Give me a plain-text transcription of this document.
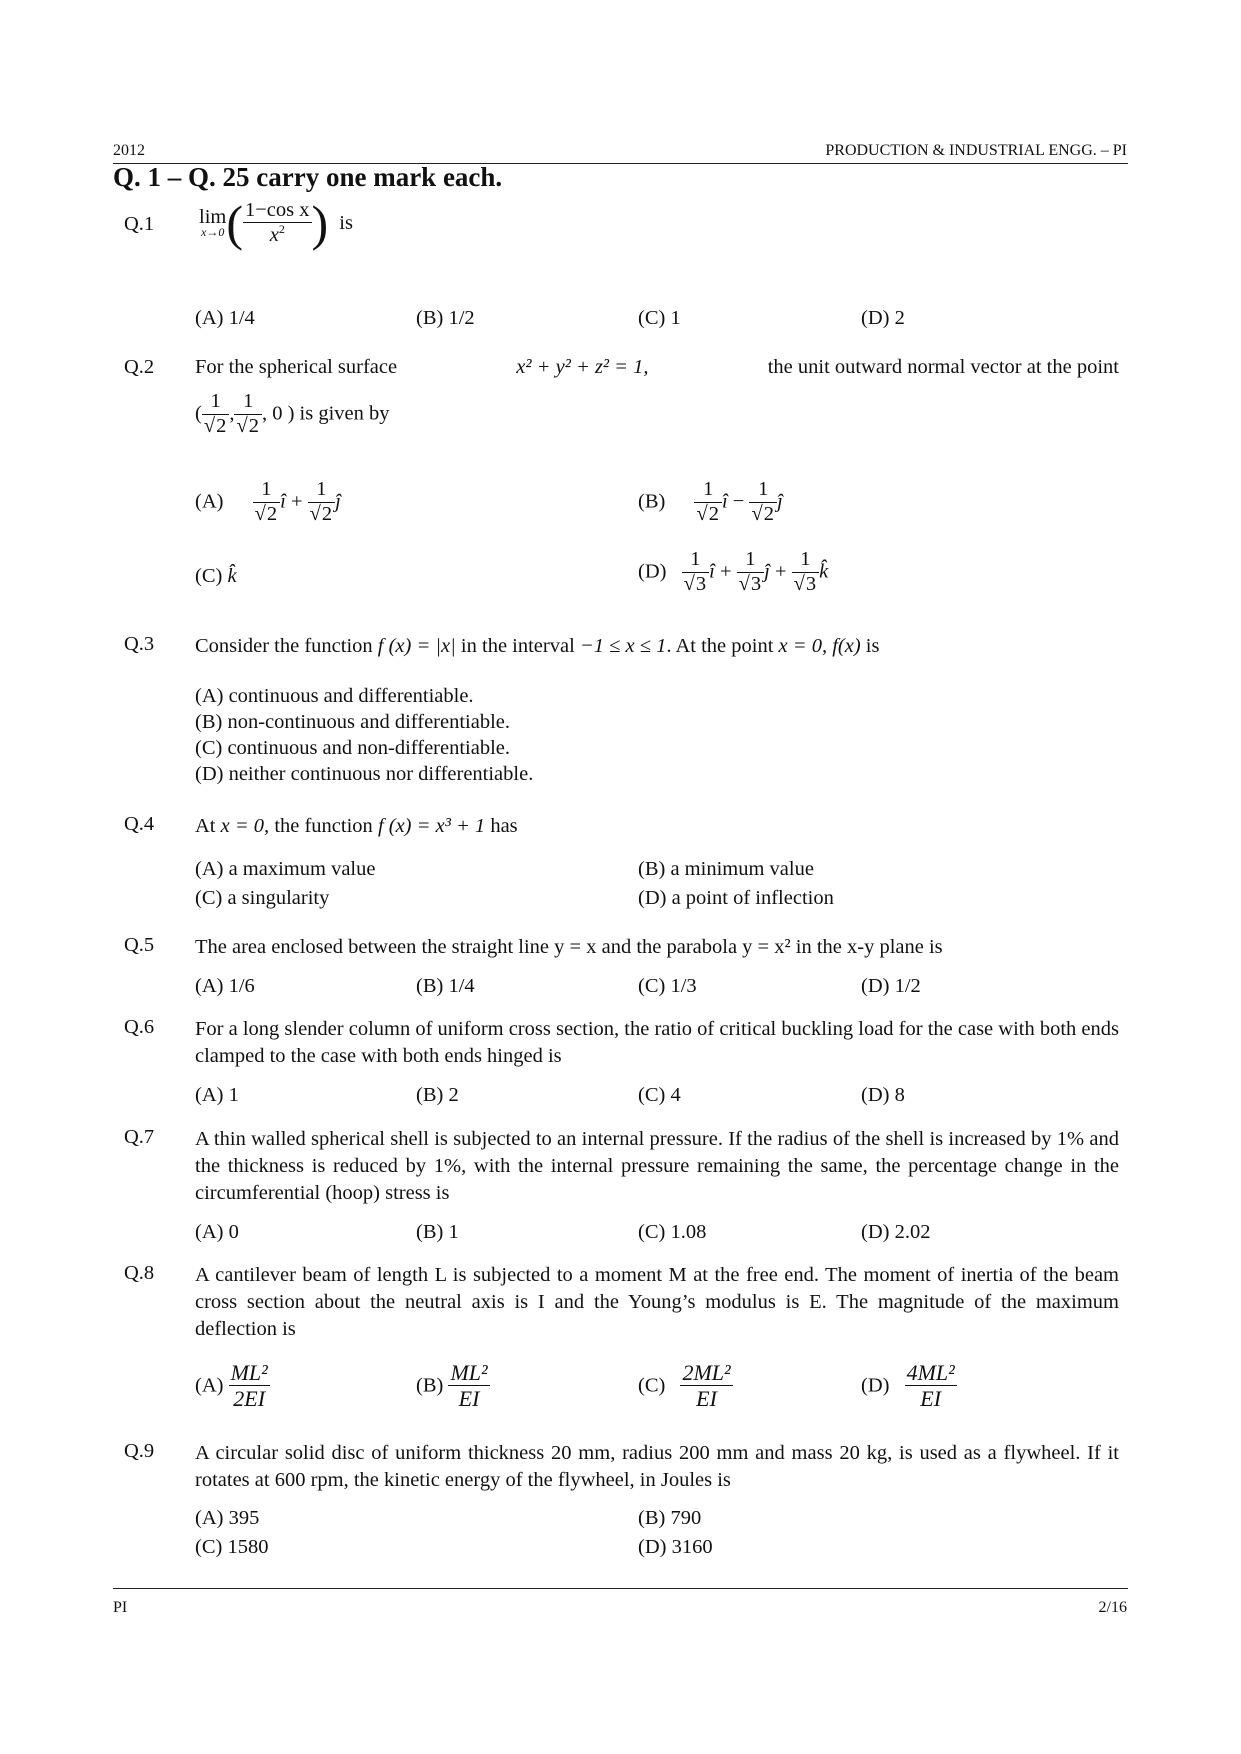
2012	PRODUCTION & INDUSTRIAL ENGG. – PI
Q. 1 – Q. 25 carry one mark each.
Q.1 lim
x→0 ( $\frac{\text{1−cos x}}{x^2}$ ) is
(A) 1/4	(B) 1/2	(C) 1	(D) 2
Q.2 For the spherical surface	x² + y² + z² = 1,	the unit outward normal vector at the point
( $\frac{1}{√2}$ , $\frac{1}{√2}$ , 0 ) is given by
$(A) \frac{1}{√2}$ î + $\frac{1}{√2}$ ĵ	$(B) \frac{1}{√2}$ î − $\frac{1}{√2}$ ĵ
(C) k̂	$(D) \frac{1}{√3}$ î + $\frac{1}{√3}$ ĵ + $\frac{1}{√3}$ k̂
Q.3 Consider the function f (x) = |x| in the interval −1 ≤ x ≤ 1. At the point x = 0, f(x) is
(A) continuous and differentiable.
(B) non-continuous and differentiable.
(C) continuous and non-differentiable.
(D) neither continuous nor differentiable.
Q.4 At x = 0, the function f (x) = x³ + 1 has
(A) a maximum value	(B) a minimum value
(C) a singularity	(D) a point of inflection
Q.5 The area enclosed between the straight line y = x and the parabola y = x² in the x-y plane is
(A) 1/6	(B) 1/4	(C) 1/3	(D) 1/2
Q.6 For a long slender column of uniform cross section, the ratio of critical buckling load for the case with both ends clamped to the case with both ends hinged is
(A) 1	(B) 2	(C) 4	(D) 8
Q.7 A thin walled spherical shell is subjected to an internal pressure. If the radius of the shell is increased by 1% and the thickness is reduced by 1%, with the internal pressure remaining the same, the percentage change in the circumferential (hoop) stress is
(A) 0	(B) 1	(C) 1.08	(D) 2.02
Q.8 A cantilever beam of length L is subjected to a moment M at the free end. The moment of inertia of the beam cross section about the neutral axis is I and the Young’s modulus is E. The magnitude of the maximum deflection is
$(A) \frac{\text{ML²}}{2EI}$	$(B) \frac{\text{ML²}}{EI}$	$(C) \frac{\text{2ML²}}{EI}$	$(D) \frac{\text{4ML²}}{EI}$
Q.9 A circular solid disc of uniform thickness 20 mm, radius 200 mm and mass 20 kg, is used as a flywheel. If it rotates at 600 rpm, the kinetic energy of the flywheel, in Joules is
(A) 395	(B) 790
(C) 1580	(D) 3160
PI	2/16
